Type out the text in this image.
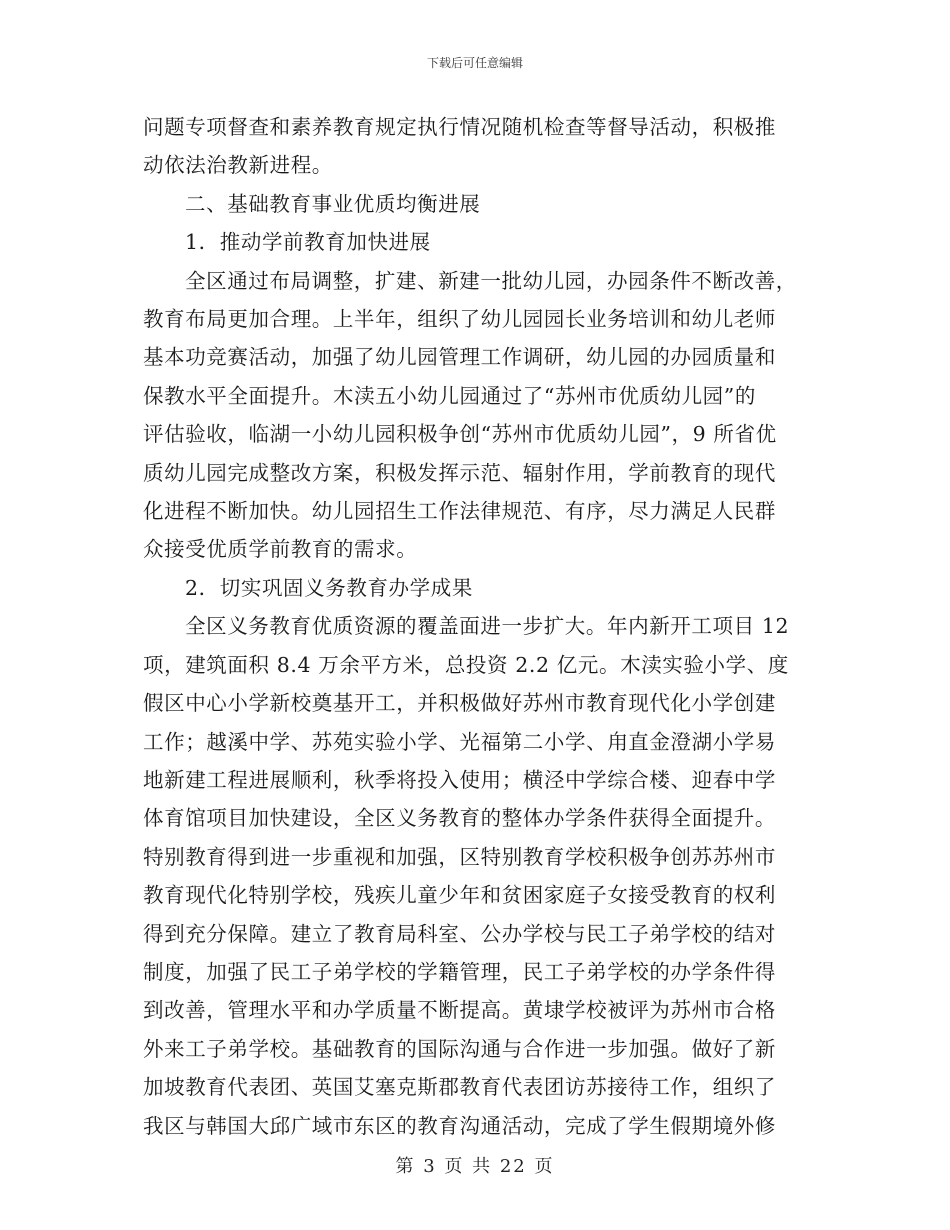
下载后可任意编辑

问题专项督查和素养教育规定执行情况随机检查等督导活动，积极推
动依法治教新进程。

二、基础教育事业优质均衡进展

1．推动学前教育加快进展

全区通过布局调整，扩建、新建一批幼儿园，办园条件不断改善，
教育布局更加合理。上半年，组织了幼儿园园长业务培训和幼儿老师
基本功竞赛活动，加强了幼儿园管理工作调研，幼儿园的办园质量和
保教水平全面提升。木渎五小幼儿园通过了“苏州市优质幼儿园”的
评估验收，临湖一小幼儿园积极争创“苏州市优质幼儿园”，9 所省优
质幼儿园完成整改方案，积极发挥示范、辐射作用，学前教育的现代
化进程不断加快。幼儿园招生工作法律规范、有序，尽力满足人民群
众接受优质学前教育的需求。

2．切实巩固义务教育办学成果

全区义务教育优质资源的覆盖面进一步扩大。年内新开工项目 12
项，建筑面积 8.4 万余平方米，总投资 2.2 亿元。木渎实验小学、度
假区中心小学新校奠基开工，并积极做好苏州市教育现代化小学创建
工作；越溪中学、苏苑实验小学、光福第二小学、甪直金澄湖小学易
地新建工程进展顺利，秋季将投入使用；横泾中学综合楼、迎春中学
体育馆项目加快建设，全区义务教育的整体办学条件获得全面提升。
特别教育得到进一步重视和加强，区特别教育学校积极争创苏苏州市
教育现代化特别学校，残疾儿童少年和贫困家庭子女接受教育的权利
得到充分保障。建立了教育局科室、公办学校与民工子弟学校的结对
制度，加强了民工子弟学校的学籍管理，民工子弟学校的办学条件得
到改善，管理水平和办学质量不断提高。黄埭学校被评为苏州市合格
外来工子弟学校。基础教育的国际沟通与合作进一步加强。做好了新
加坡教育代表团、英国艾塞克斯郡教育代表团访苏接待工作，组织了
我区与韩国大邱广域市东区的教育沟通活动，完成了学生假期境外修

第 3 页 共 22 页
